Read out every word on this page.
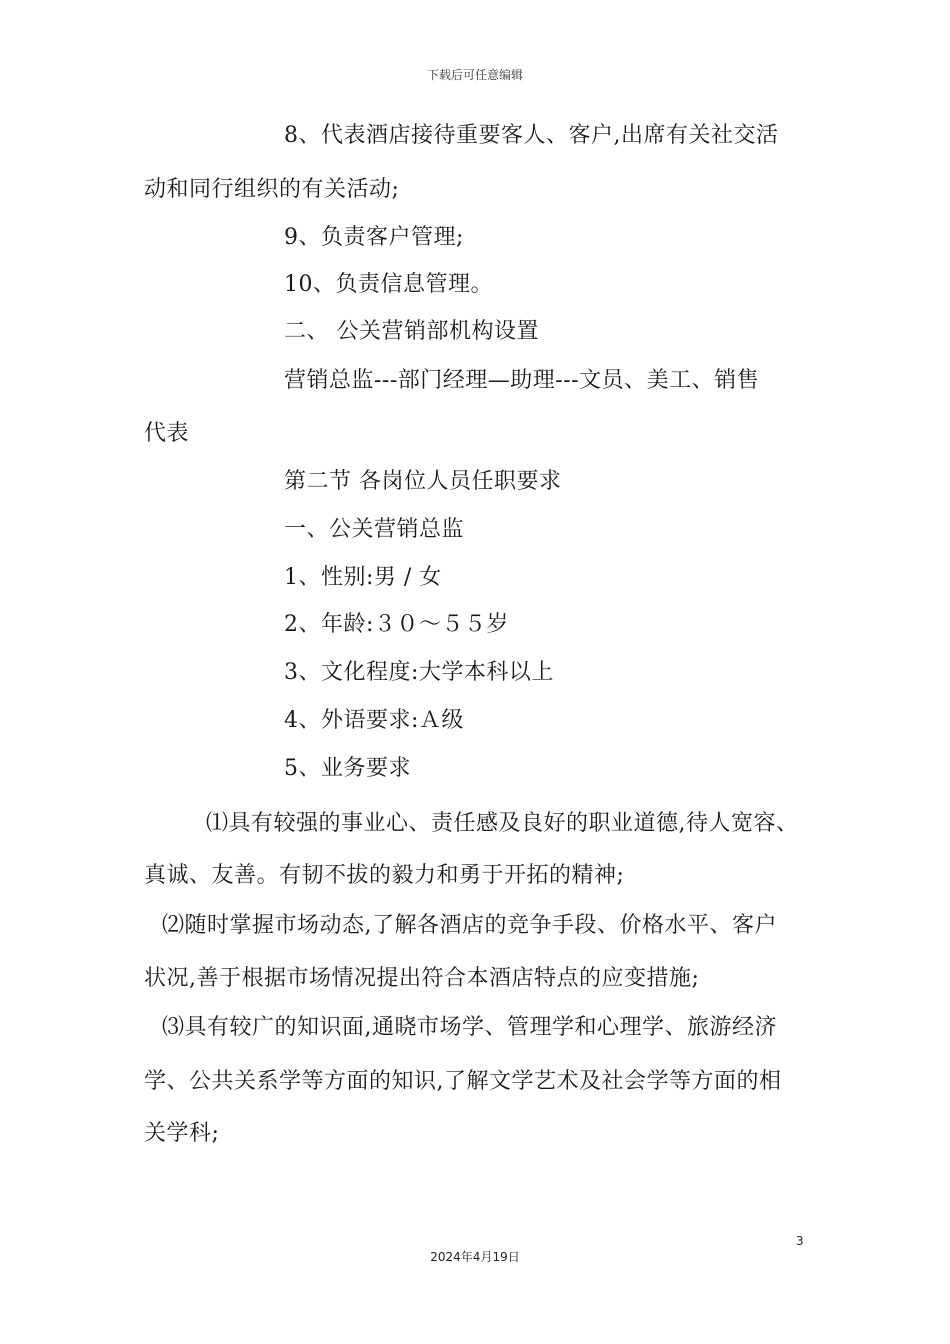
下载后可任意编辑
8、代表酒店接待重要客人、客户,出席有关社交活
动和同行组织的有关活动;
9、负责客户管理;
10、负责信息管理。
二、 公关营销部机构设置
营销总监---部门经理—助理---文员、美工、销售
代表
第二节 各岗位人员任职要求
一、公关营销总监
1、性别:男 / 女
2、年龄:３０～５５岁
3、文化程度:大学本科以上
4、外语要求:Ａ级
5、业务要求
⑴具有较强的事业心、责任感及良好的职业道德,待人宽容、
真诚、友善。有韧不拔的毅力和勇于开拓的精神;
⑵随时掌握市场动态,了解各酒店的竞争手段、价格水平、客户
状况,善于根据市场情况提出符合本酒店特点的应变措施;
⑶具有较广的知识面,通晓市场学、管理学和心理学、旅游经济
学、公共关系学等方面的知识,了解文学艺术及社会学等方面的相
关学科;
3
2024年4月19日
